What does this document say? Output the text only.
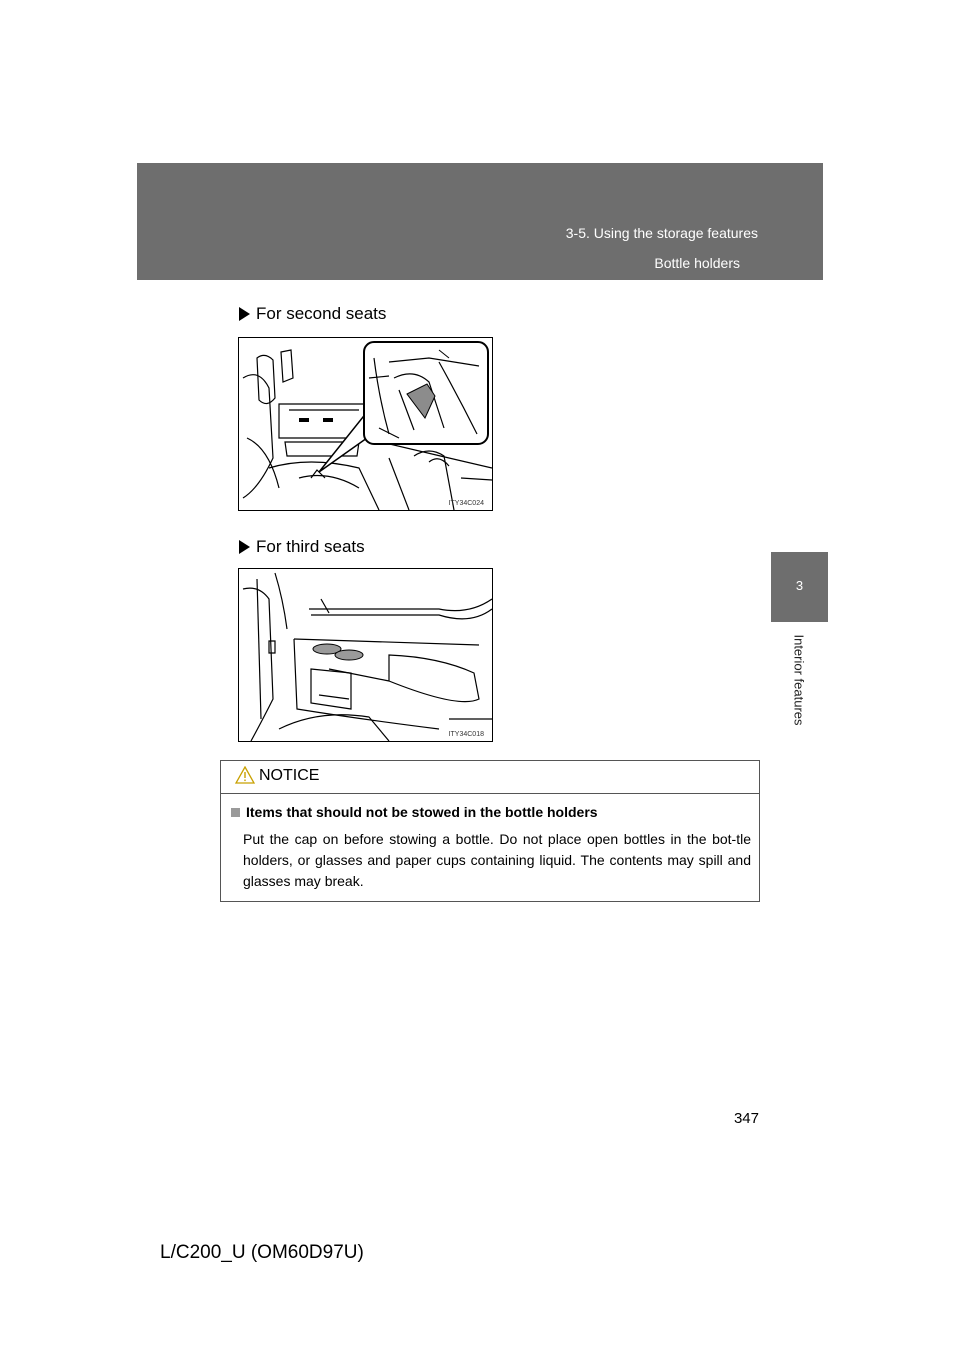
3-5. Using the storage features
Bottle holders
3
Interior features
For second seats
ITY34C024
For third seats
ITY34C018
NOTICE
Items that should not be stowed in the bottle holders
Put the cap on before stowing a bottle. Do not place open bottles in the bot-tle holders, or glasses and paper cups containing liquid. The contents may spill and glasses may break.
347
L/C200_U (OM60D97U)
